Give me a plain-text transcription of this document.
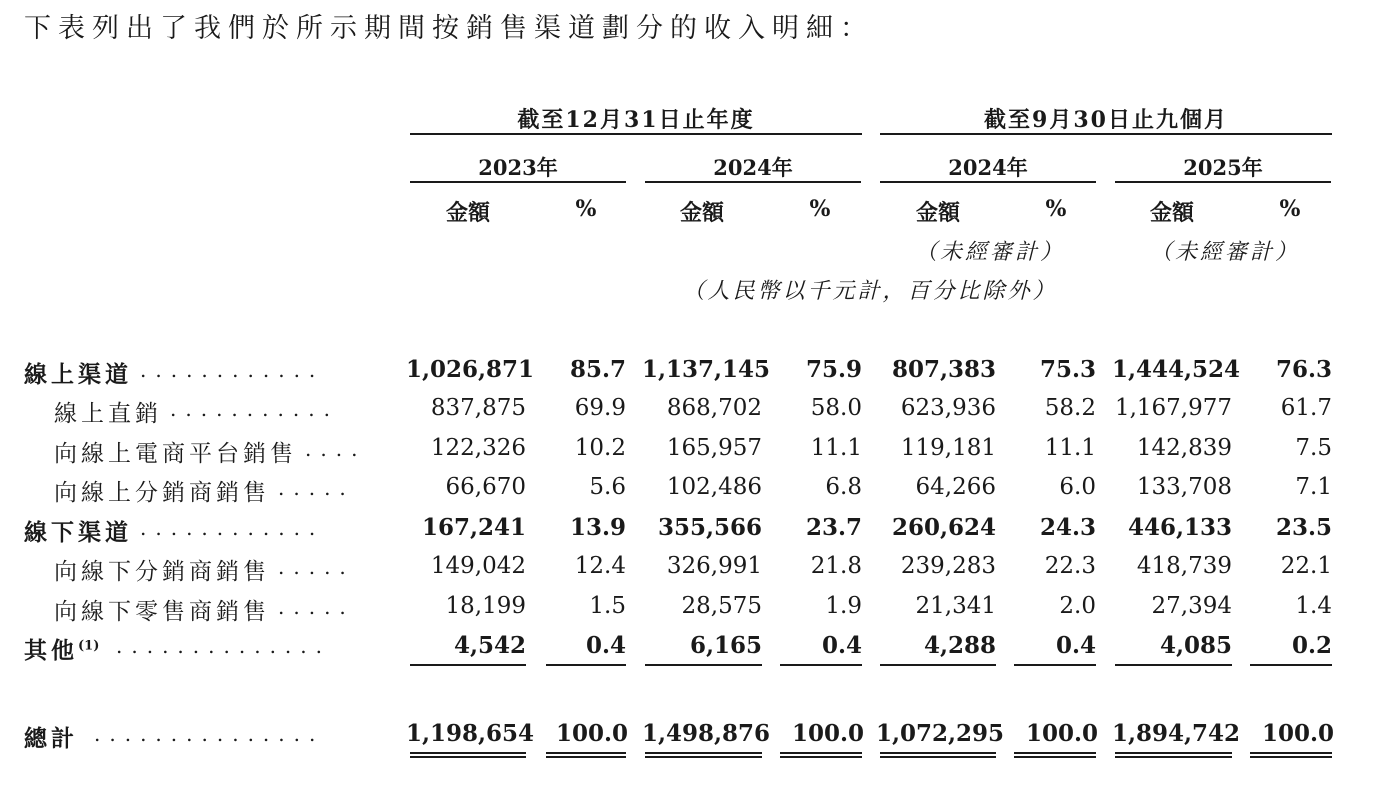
下表列出了我們於所示期間按銷售渠道劃分的收入明細：
截至12月31日止年度	截至9月30日止九個月
2023年	2024年	2024年	2025年
金額	%	金額	%	金額	%	金額	%
（未經審計）	（未經審計）
（人民幣以千元計，百分比除外）
線上渠道 ............	1,026,871	85.7 1,137,145	75.9	807,383	75.3 1,444,524	76.3
線上直銷 ...........	837,875	69.9	868,702	58.0	623,936	58.2 1,167,977	61.7
向線上電商平台銷售 ....	122,326	10.2	165,957	11.1	119,181	11.1	142,839	7.5
向線上分銷商銷售 .....	66,670	5.6	102,486	6.8	64,266	6.0	133,708	7.1
線下渠道 ............	167,241	13.9	355,566	23.7	260,624	24.3	446,133	23.5
向線下分銷商銷售 .....	149,042	12.4	326,991	21.8	239,283	22.3	418,739	22.1
向線下零售商銷售 .....	18,199	1.5	28,575	1.9	21,341	2.0	27,394	1.4
其他$^{(1)}$ ..............	4,542	0.4	6,165	0.4	4,288	0.4	4,085	0.2
總計 ...............	1,198,654 100.0 1,498,876 100.0 1,072,295 100.0 1,894,742 100.0
